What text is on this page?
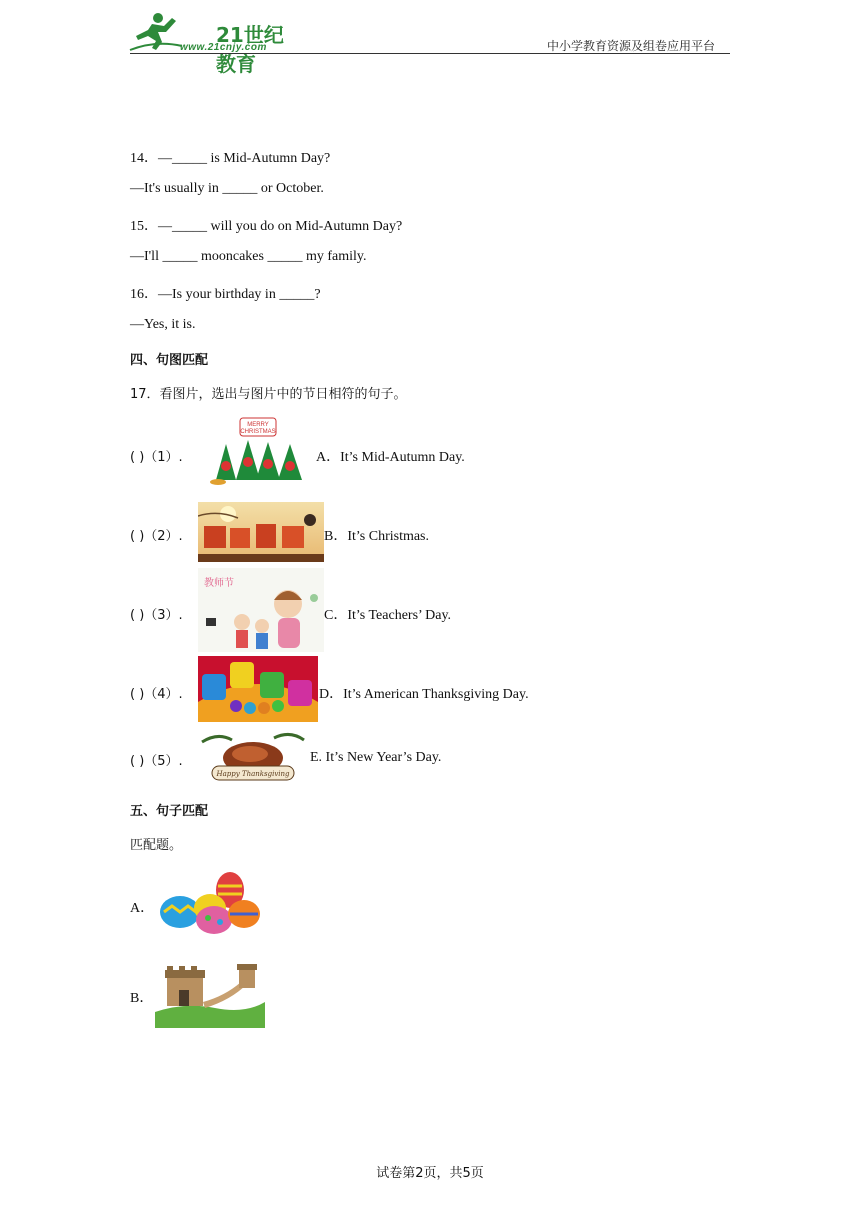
21世纪教育
www.21cnjy.com	中小学教育资源及组卷应用平台
14．—_____ is Mid-Autumn Day?
—It's usually in _____ or October.
15．—_____ will you do on Mid-Autumn Day?
—I'll _____ mooncakes _____ my family.
16．—Is your birthday in _____?
—Yes, it is.
四、句图匹配
17．看图片，选出与图片中的节日相符的句子。
( )（1）.
MERRY
CHRISTMAS
A．It’s Mid-Autumn Day.
( )（2）.	B．It’s Christmas.
( )（3）.
教师节
C．It’s Teachers’ Day.
( )（4）.	D．It’s American Thanksgiving Day.
( )（5）.
Happy Thanksgiving
E. It’s New Year’s Day.
五、句子匹配
匹配题。
A．
B．
试卷第2页，共5页
